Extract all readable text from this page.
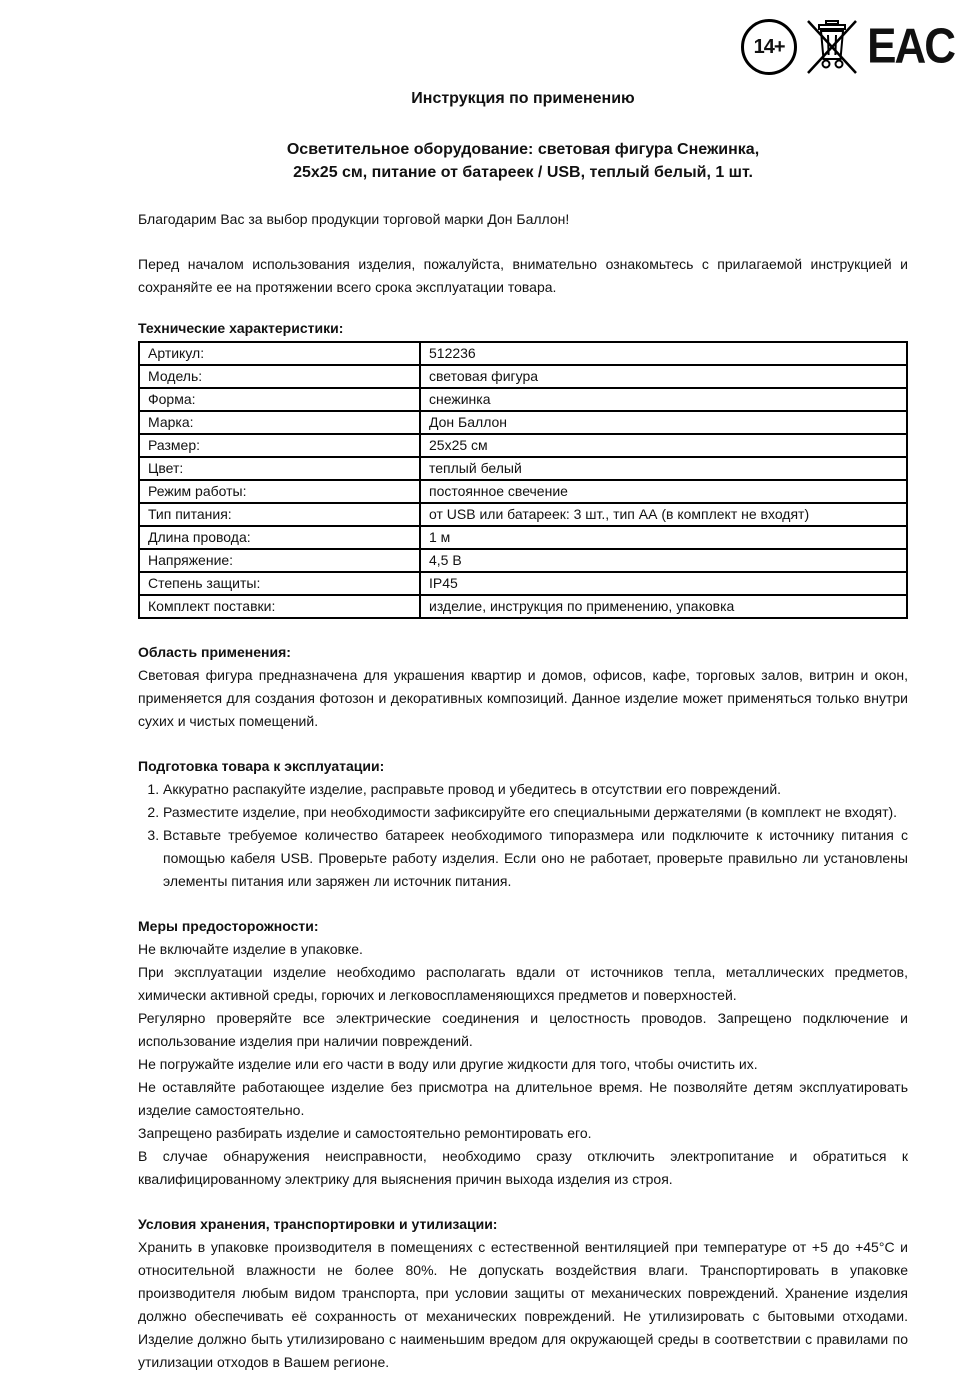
14+ EAC
Инструкция по применению
Осветительное оборудование: световая фигура Снежинка,
25х25 см, питание от батареек / USB, теплый белый, 1 шт.

Благодарим Вас за выбор продукции торговой марки Дон Баллон!

Перед началом использования изделия, пожалуйста, внимательно ознакомьтесь с прилагаемой инструкцией и сохраняйте ее на протяжении всего срока эксплуатации товара.

Технические характеристики:
Артикул:	512236
Модель:	световая фигура
Форма:	снежинка
Марка:	Дон Баллон
Размер:	25х25 см
Цвет:	теплый белый
Режим работы:	постоянное свечение
Тип питания:	от USB или батареек: 3 шт., тип АА (в комплект не входят)
Длина провода:	1 м
Напряжение:	4,5 В
Степень защиты:	IP45
Комплект поставки:	изделие, инструкция по применению, упаковка
Область применения:

Световая фигура предназначена для украшения квартир и домов, офисов, кафе, торговых залов, витрин и окон, применяется для создания фотозон и декоративных композиций. Данное изделие может применяться только внутри сухих и чистых помещений.

Подготовка товара к эксплуатации:
1. Аккуратно распакуйте изделие, расправьте провод и убедитесь в отсутствии его повреждений.
2. Разместите изделие, при необходимости зафиксируйте его специальными держателями (в комплект не входят).
3. Вставьте требуемое количество батареек необходимого типоразмера или подключите к источнику питания с помощью кабеля USB. Проверьте работу изделия. Если оно не работает, проверьте правильно ли установлены элементы питания или заряжен ли источник питания.
Меры предосторожности:

Не включайте изделие в упаковке.

При эксплуатации изделие необходимо располагать вдали от источников тепла, металлических предметов, химически активной среды, горючих и легковоспламеняющихся предметов и поверхностей.

Регулярно проверяйте все электрические соединения и целостность проводов. Запрещено подключение и использование изделия при наличии повреждений.

Не погружайте изделие или его части в воду или другие жидкости для того, чтобы очистить их.

Не оставляйте работающее изделие без присмотра на длительное время. Не позволяйте детям эксплуатировать изделие самостоятельно.

Запрещено разбирать изделие и самостоятельно ремонтировать его.

В случае обнаружения неисправности, необходимо сразу отключить электропитание и обратиться к квалифицированному электрику для выяснения причин выхода изделия из строя.

Условия хранения, транспортировки и утилизации:

Хранить в упаковке производителя в помещениях с естественной вентиляцией при температуре от +5 до +45°С и относительной влажности не более 80%. Не допускать воздействия влаги. Транспортировать в упаковке производителя любым видом транспорта, при условии защиты от механических повреждений. Хранение изделия должно обеспечивать её сохранность от механических повреждений. Не утилизировать с бытовыми отходами. Изделие должно быть утилизировано с наименьшим вредом для окружающей среды в соответствии с правилами по утилизации отходов в Вашем регионе.
